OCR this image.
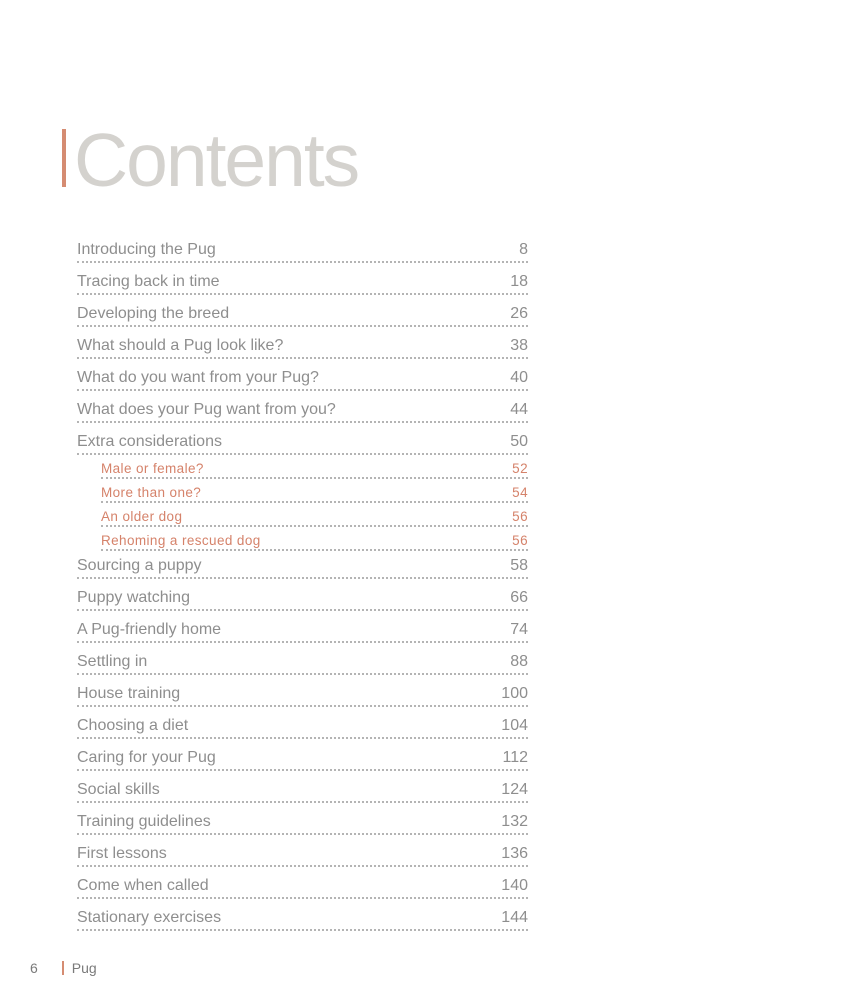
Contents
Introducing the Pug	8
Tracing back in time	18
Developing the breed	26
What should a Pug look like?	38
What do you want from your Pug?	40
What does your Pug want from you?	44
Extra considerations	50
Male or female?	52
More than one?	54
An older dog	56
Rehoming a rescued dog	56
Sourcing a puppy	58
Puppy watching	66
A Pug-friendly home	74
Settling in	88
House training	100
Choosing a diet	104
Caring for your Pug	112
Social skills	124
Training guidelines	132
First lessons	136
Come when called	140
Stationary exercises	144
6 Pug
